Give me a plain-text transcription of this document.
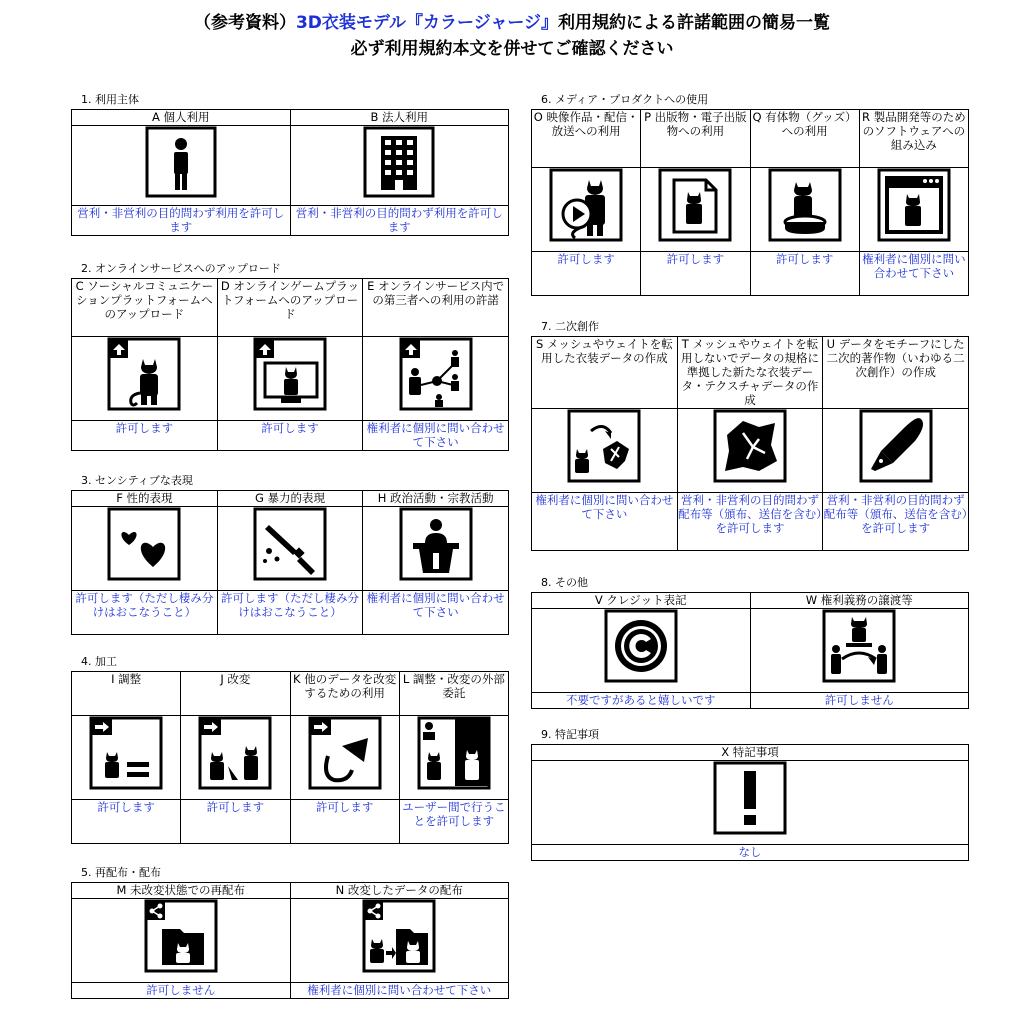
（参考資料）3D衣装モデル『カラージャージ』利用規約による許諾範囲の簡易一覧
必ず利用規約本文を併せてご確認ください
1. 利用主体
A 個人利用	B 法人利用

営利・非営利の目的問わず利用を許可します	営利・非営利の目的問わず利用を許可します
2. オンラインサービスへのアップロード
C ソーシャルコミュニケーションプラットフォームへのアップロード	D オンラインゲームプラットフォームへのアップロード	E オンラインサービス内での第三者への利用の許諾

許可します	許可します	権利者に個別に問い合わせて下さい
3. センシティブな表現
F 性的表現	G 暴力的表現	H 政治活動・宗教活動

許可します（ただし棲み分けはおこなうこと）	許可します（ただし棲み分けはおこなうこと）	権利者に個別に問い合わせて下さい
4. 加工
I 調整	J 改変	K 他のデータを改変するための利用	L 調整・改変の外部委託

許可します	許可します	許可します	ユーザー間で行うことを許可します
5. 再配布・配布
M 未改変状態での再配布	N 改変したデータの配布

許可しません	権利者に個別に問い合わせて下さい
6. メディア・プロダクトへの使用
O 映像作品・配信・放送への利用	P 出版物・電子出版物への利用	Q 有体物（グッズ）への利用	R 製品開発等のためのソフトウェアへの組み込み

許可します	許可します	許可します	権利者に個別に問い合わせて下さい
7. 二次創作
S メッシュやウェイトを転用した衣装データの作成	T メッシュやウェイトを転用しないでデータの規格に準拠した新たな衣装データ・テクスチャデータの作成	U データをモチーフにした二次的著作物（いわゆる二次創作）の作成

権利者に個別に問い合わせて下さい	営利・非営利の目的問わず配布等（頒布、送信を含む）を許可します	営利・非営利の目的問わず配布等（頒布、送信を含む）を許可します
8. その他
V クレジット表記	W 権利義務の譲渡等

不要ですがあると嬉しいです	許可しません
9. 特記事項
X 特記事項

なし
